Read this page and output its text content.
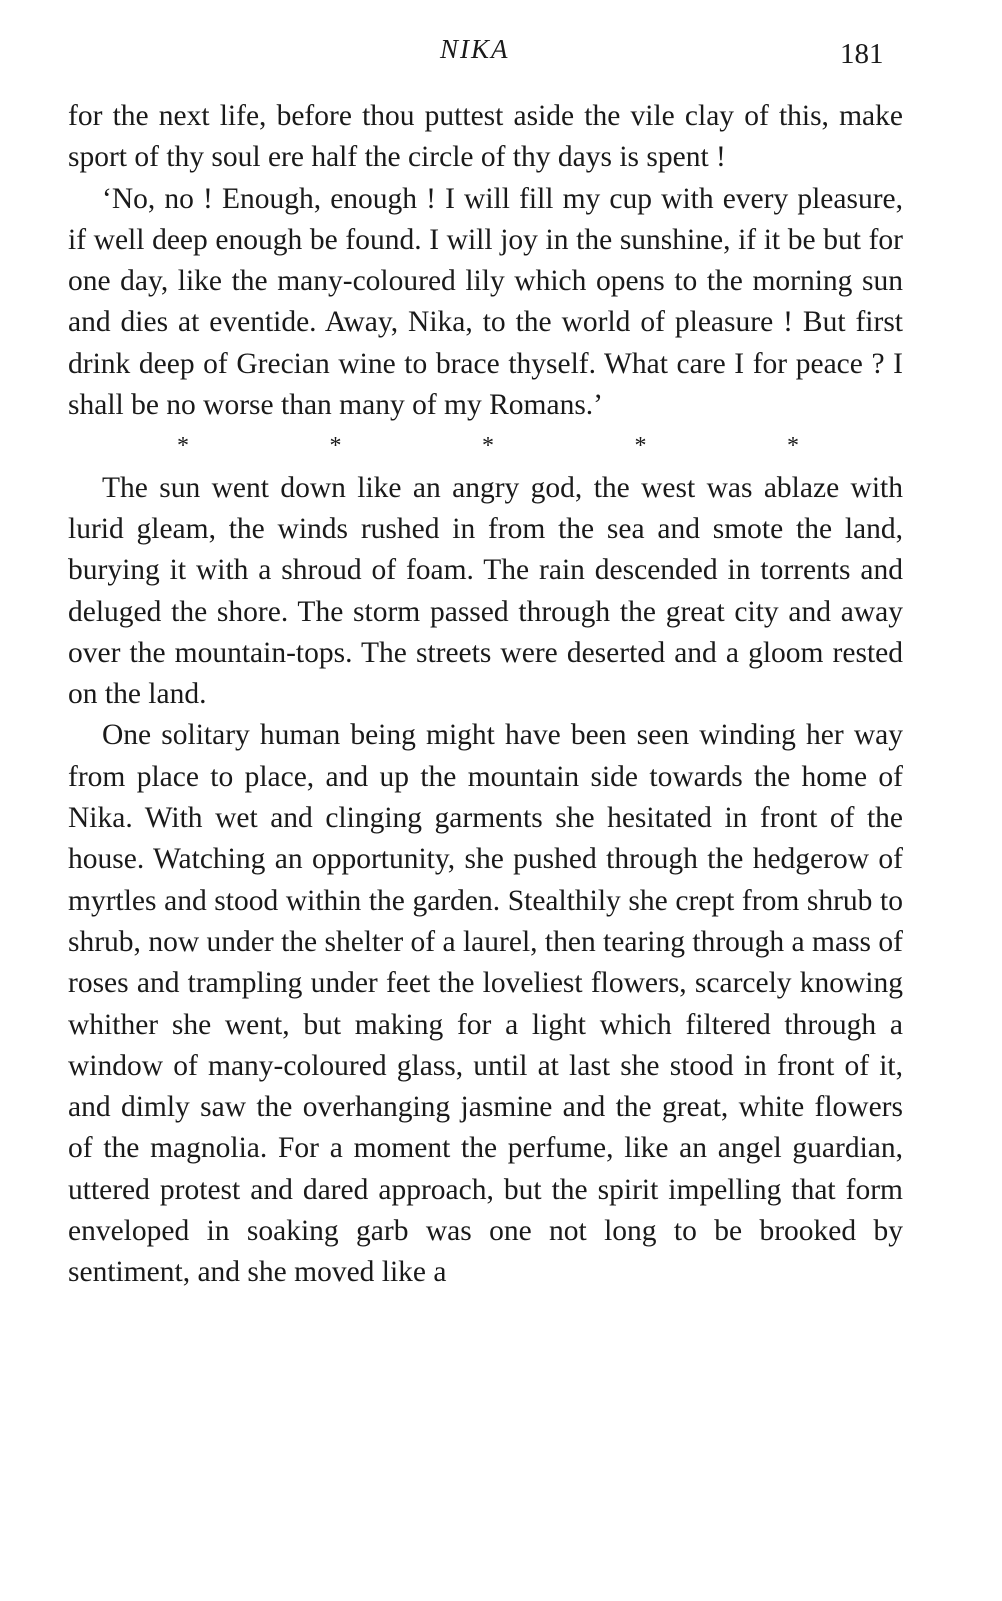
NIKA	181

for the next life, before thou puttest aside the vile clay of this, make sport of thy soul ere half the circle of thy days is spent !

‘No, no ! Enough, enough ! I will fill my cup with every pleasure, if well deep enough be found. I will joy in the sunshine, if it be but for one day, like the many-coloured lily which opens to the morning sun and dies at eventide. Away, Nika, to the world of pleasure ! But first drink deep of Grecian wine to brace thyself. What care I for peace ? I shall be no worse than many of my Romans.’

*	*	*	*	*

The sun went down like an angry god, the west was ablaze with lurid gleam, the winds rushed in from the sea and smote the land, burying it with a shroud of foam. The rain descended in torrents and deluged the shore. The storm passed through the great city and away over the mountain-tops. The streets were deserted and a gloom rested on the land.

One solitary human being might have been seen winding her way from place to place, and up the mountain side towards the home of Nika. With wet and clinging garments she hesitated in front of the house. Watching an opportunity, she pushed through the hedgerow of myrtles and stood within the garden. Stealthily she crept from shrub to shrub, now under the shelter of a laurel, then tearing through a mass of roses and trampling under feet the loveliest flowers, scarcely knowing whither she went, but making for a light which filtered through a window of many-coloured glass, until at last she stood in front of it, and dimly saw the overhanging jasmine and the great, white flowers of the magnolia. For a moment the perfume, like an angel guardian, uttered protest and dared approach, but the spirit impelling that form enveloped in soaking garb was one not long to be brooked by sentiment, and she moved like a
